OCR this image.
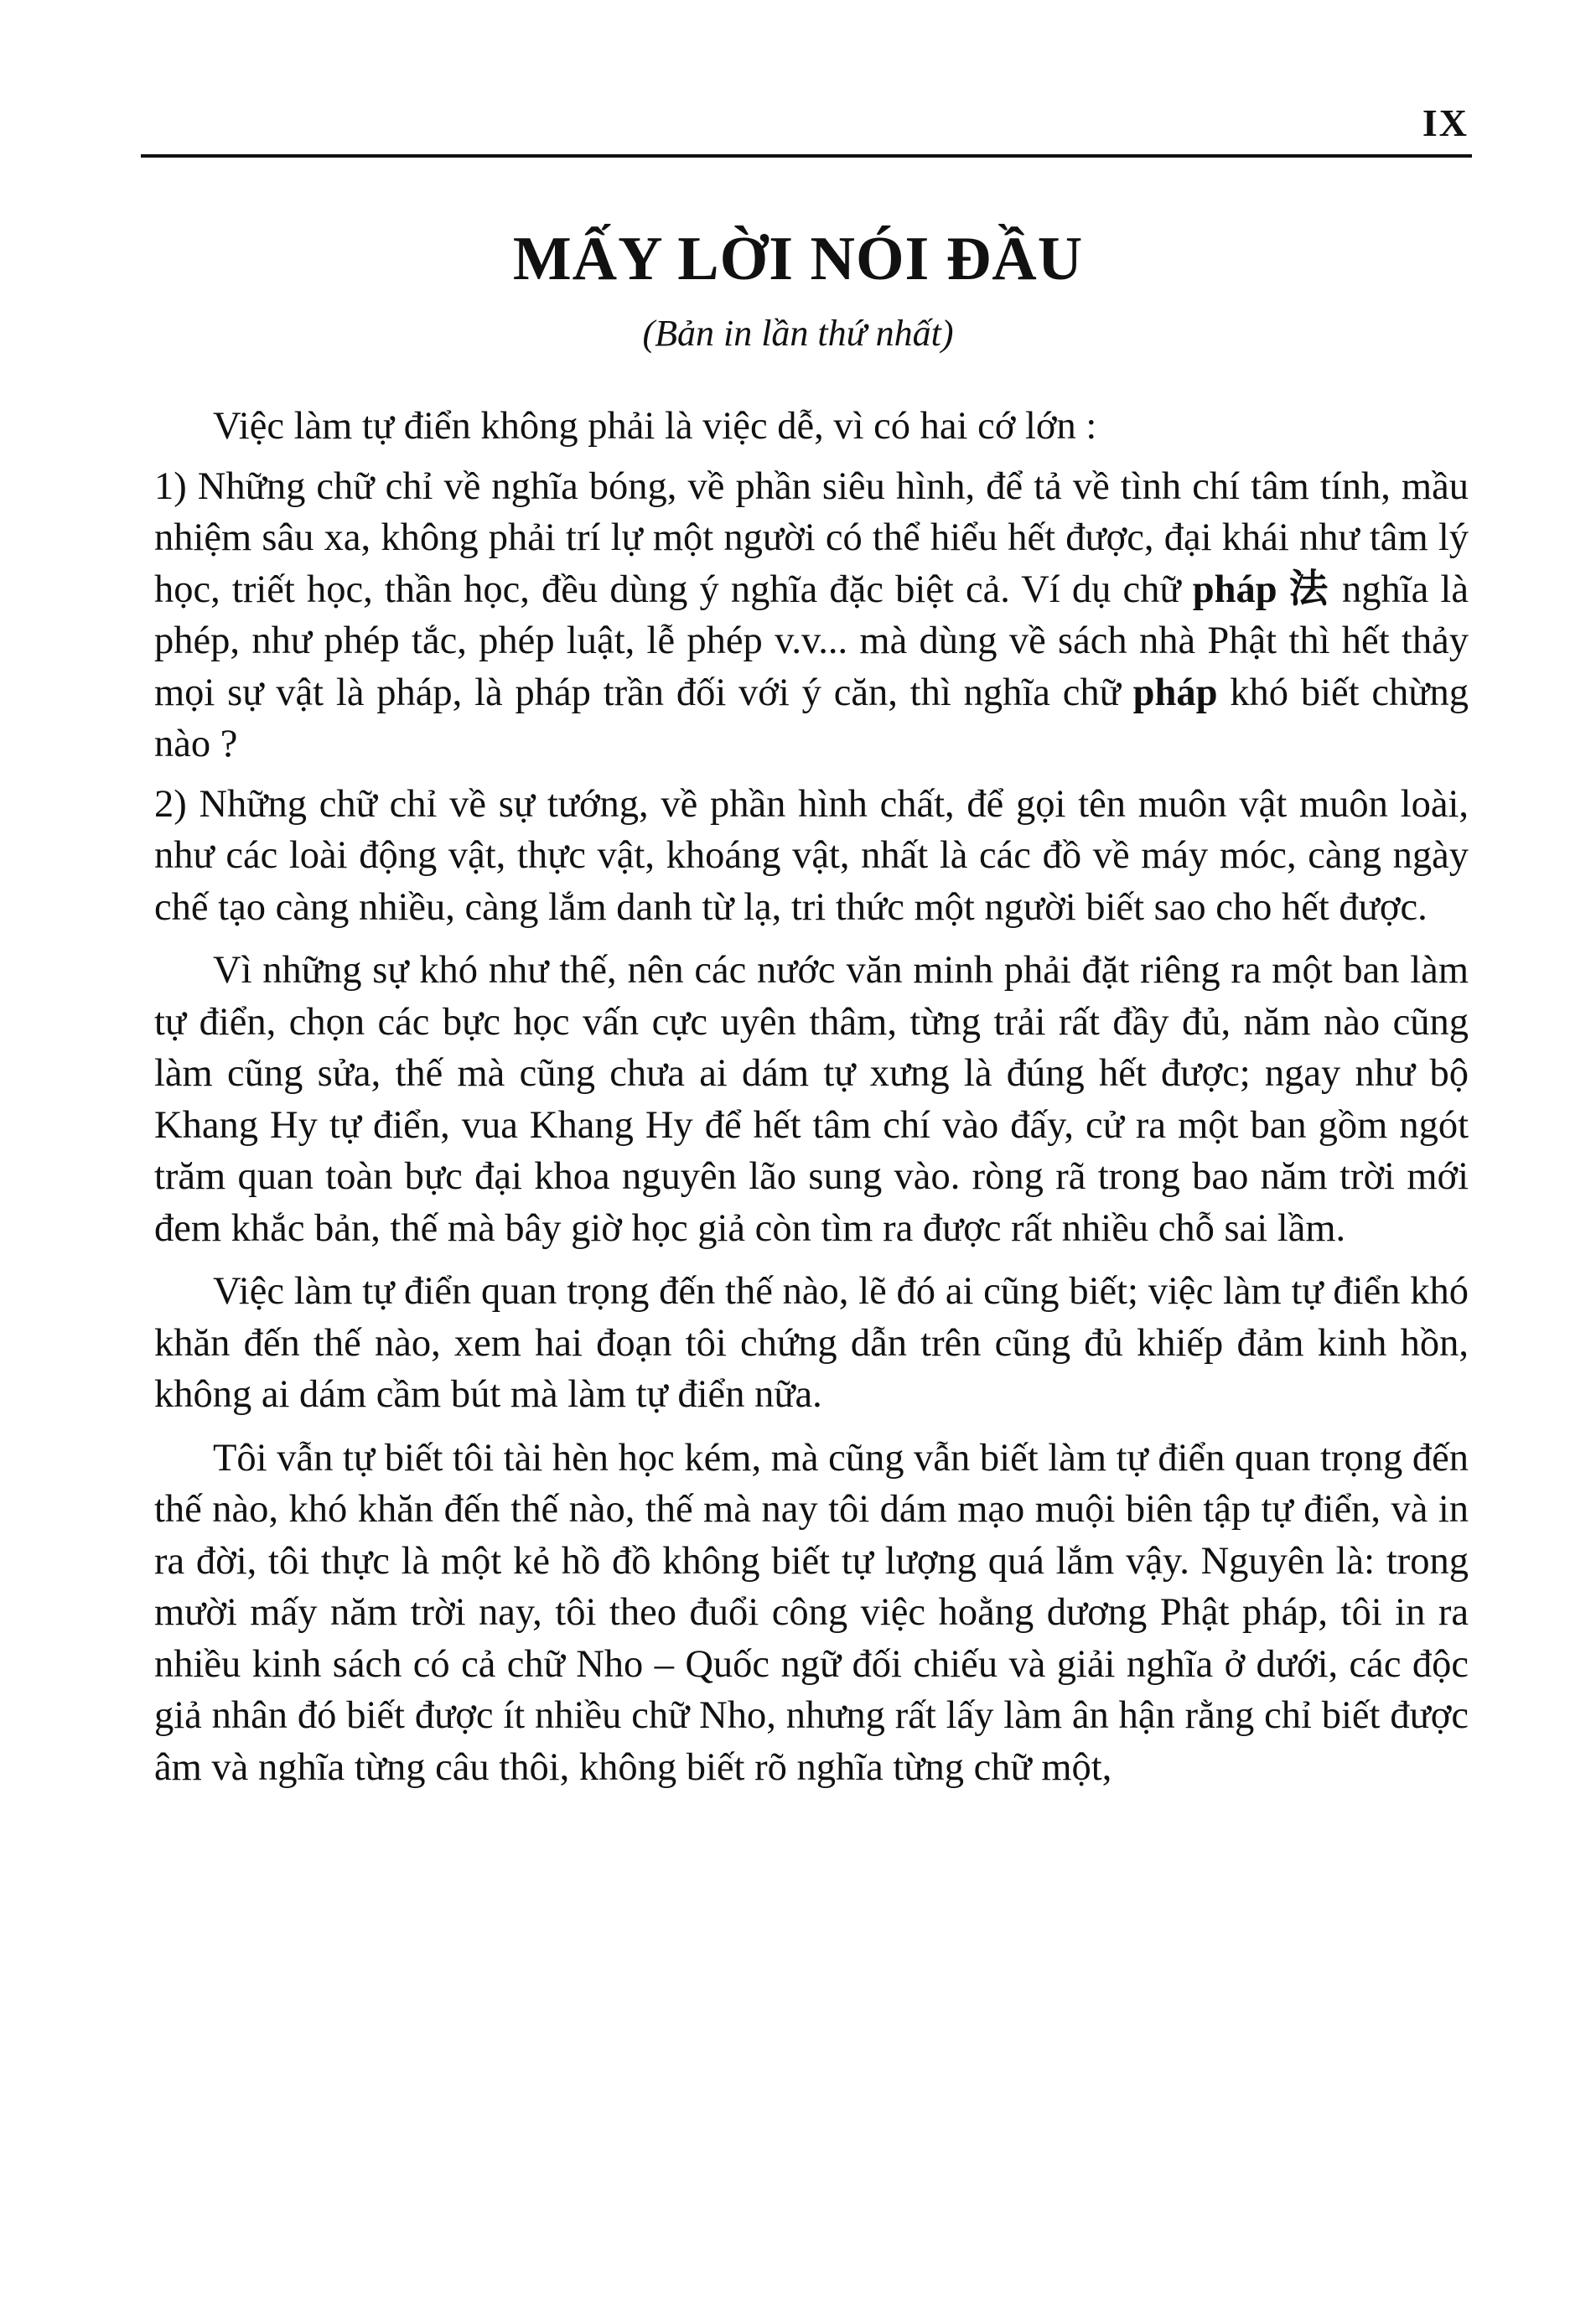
IX
MẤY LỜI NÓI ĐẦU
(Bản in lần thứ nhất)

Việc làm tự điển không phải là việc dễ, vì có hai cớ lớn :

1) Những chữ chỉ về nghĩa bóng, về phần siêu hình, để tả về tình chí tâm tính, mầu nhiệm sâu xa, không phải trí lự một người có thể hiểu hết được, đại khái như tâm lý học, triết học, thần học, đều dùng ý nghĩa đặc biệt cả. Ví dụ chữ pháp 法 nghĩa là phép, như phép tắc, phép luật, lễ phép v.v... mà dùng về sách nhà Phật thì hết thảy mọi sự vật là pháp, là pháp trần đối với ý căn, thì nghĩa chữ pháp khó biết chừng nào ?

2) Những chữ chỉ về sự tướng, về phần hình chất, để gọi tên muôn vật muôn loài, như các loài động vật, thực vật, khoáng vật, nhất là các đồ về máy móc, càng ngày chế tạo càng nhiều, càng lắm danh từ lạ, tri thức một người biết sao cho hết được.

Vì những sự khó như thế, nên các nước văn minh phải đặt riêng ra một ban làm tự điển, chọn các bực học vấn cực uyên thâm, từng trải rất đầy đủ, năm nào cũng làm cũng sửa, thế mà cũng chưa ai dám tự xưng là đúng hết được; ngay như bộ Khang Hy tự điển, vua Khang Hy để hết tâm chí vào đấy, cử ra một ban gồm ngót trăm quan toàn bực đại khoa nguyên lão sung vào. ròng rã trong bao năm trời mới đem khắc bản, thế mà bây giờ học giả còn tìm ra được rất nhiều chỗ sai lầm.

Việc làm tự điển quan trọng đến thế nào, lẽ đó ai cũng biết; việc làm tự điển khó khăn đến thế nào, xem hai đoạn tôi chứng dẫn trên cũng đủ khiếp đảm kinh hồn, không ai dám cầm bút mà làm tự điển nữa.

Tôi vẫn tự biết tôi tài hèn học kém, mà cũng vẫn biết làm tự điển quan trọng đến thế nào, khó khăn đến thế nào, thế mà nay tôi dám mạo muội biên tập tự điển, và in ra đời, tôi thực là một kẻ hồ đồ không biết tự lượng quá lắm vậy. Nguyên là: trong mười mấy năm trời nay, tôi theo đuổi công việc hoằng dương Phật pháp, tôi in ra nhiều kinh sách có cả chữ Nho – Quốc ngữ đối chiếu và giải nghĩa ở dưới, các độc giả nhân đó biết được ít nhiều chữ Nho, nhưng rất lấy làm ân hận rằng chỉ biết được âm và nghĩa từng câu thôi, không biết rõ nghĩa từng chữ một,
